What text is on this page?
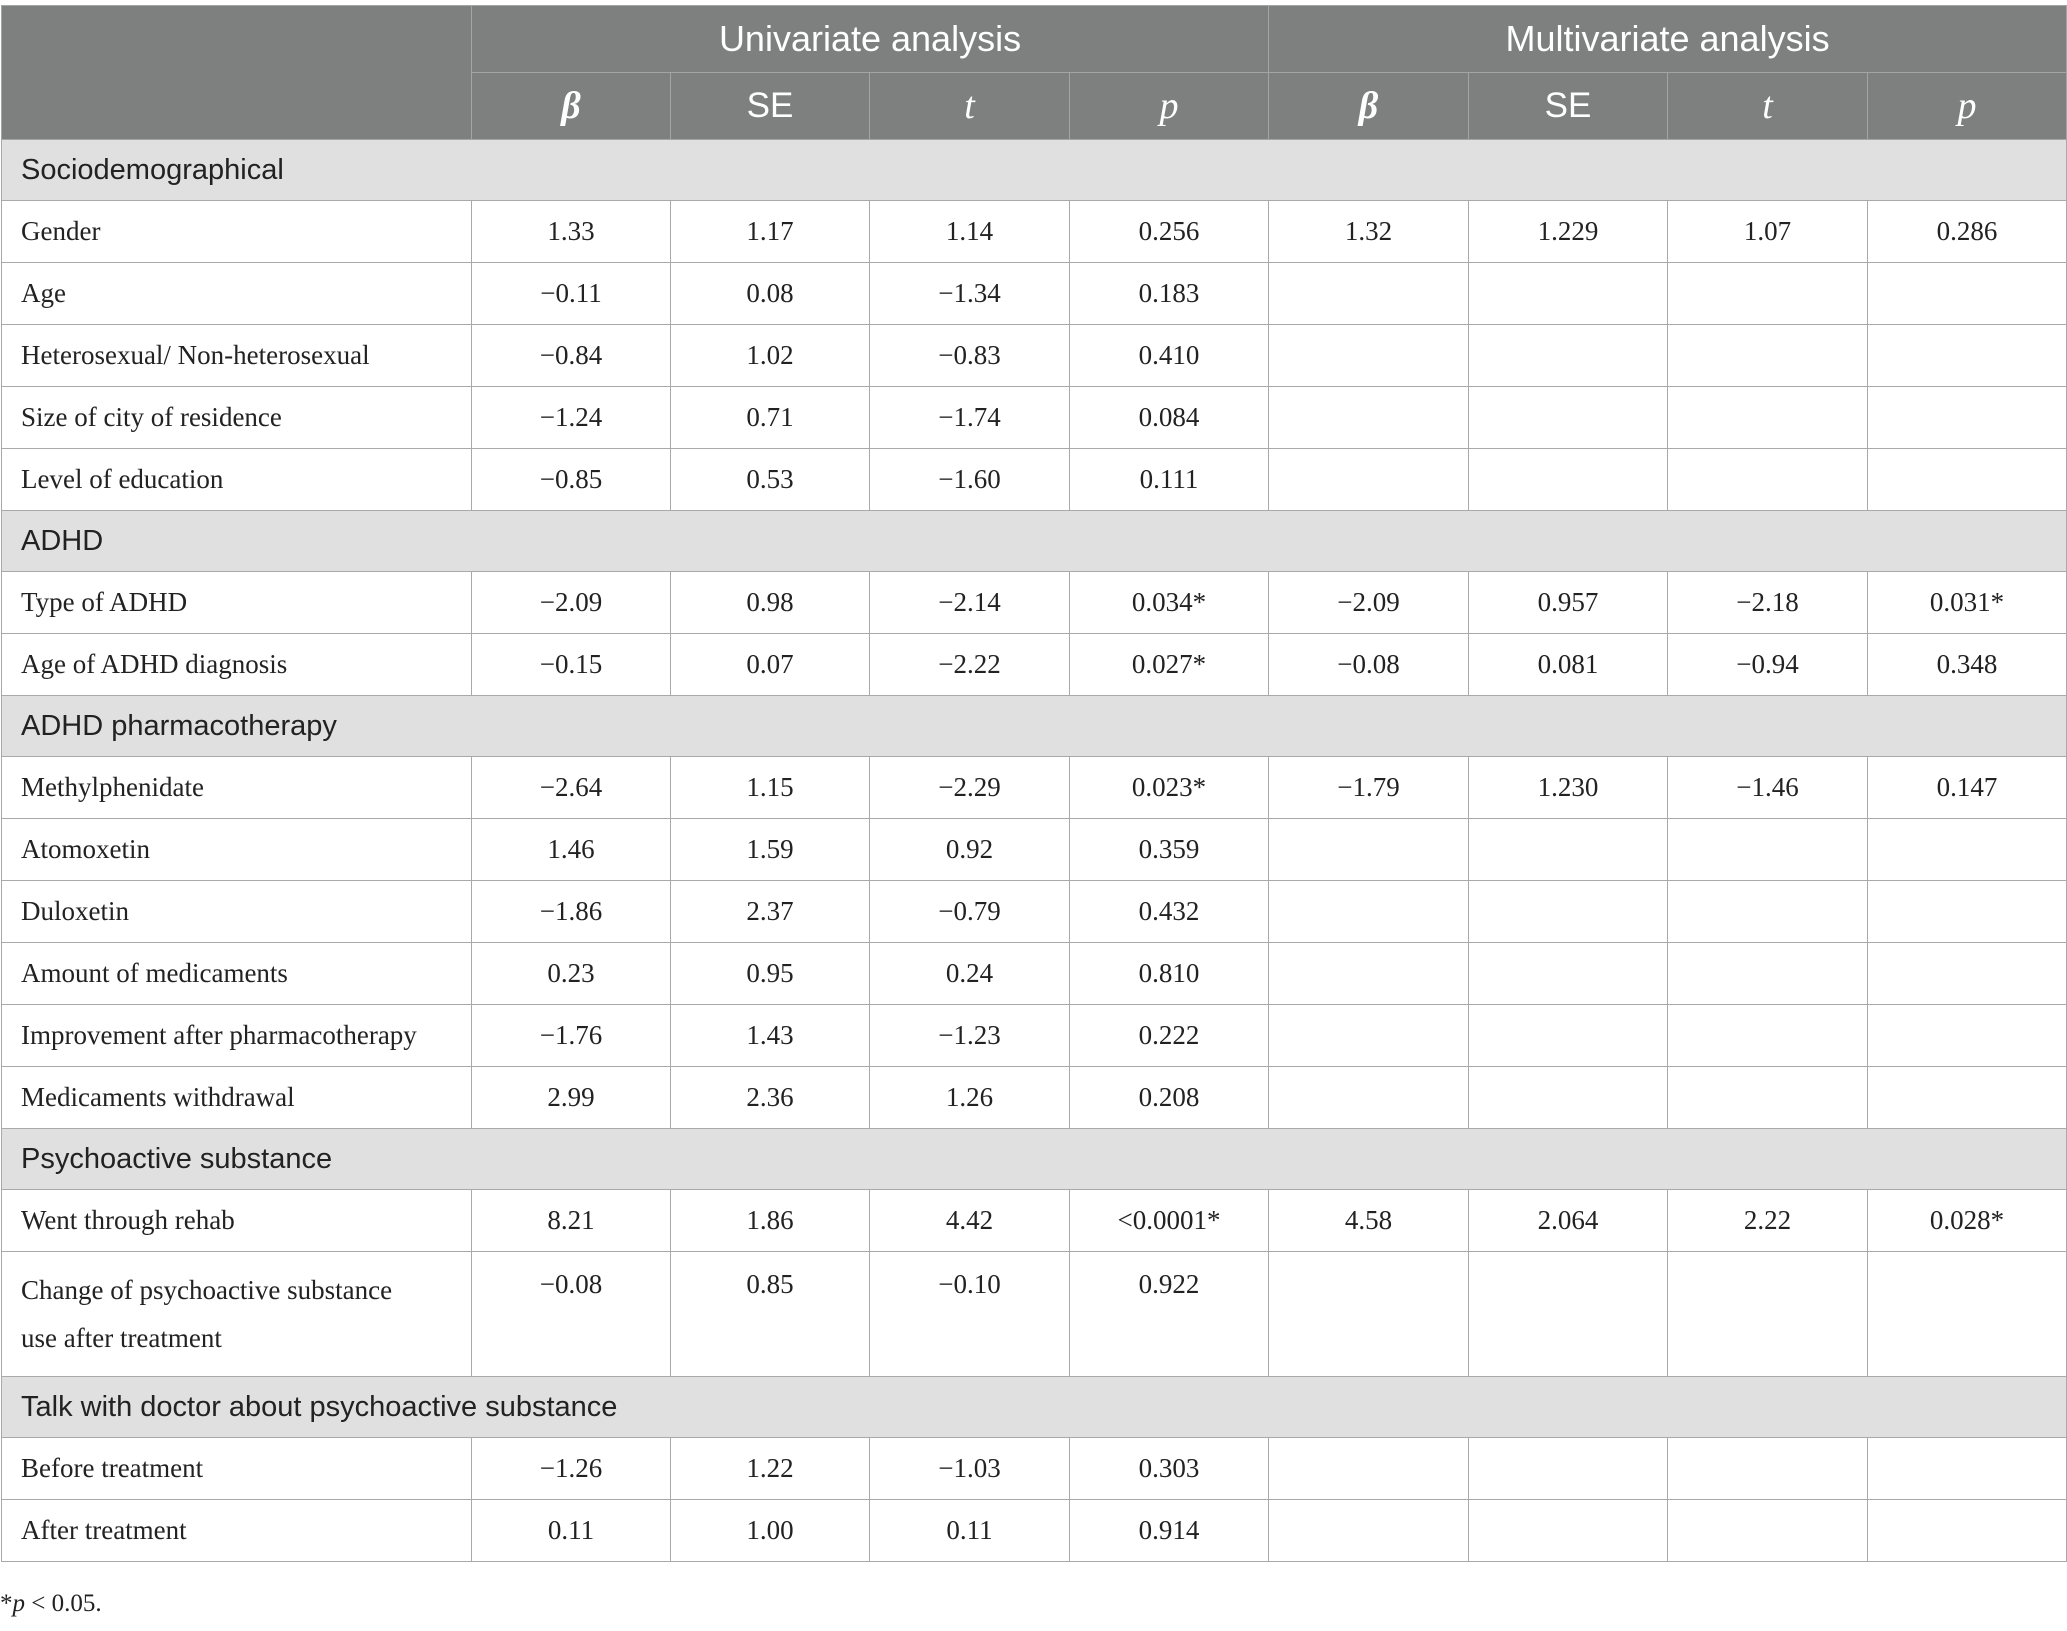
	Univariate analysis				Multivariate analysis			
	β	SE	t	p	β	SE	t	p
Sociodemographical								
Gender	1.33	1.17	1.14	0.256	1.32	1.229	1.07	0.286
Age	−0.11	0.08	−1.34	0.183				
Heterosexual/ Non-heterosexual	−0.84	1.02	−0.83	0.410				
Size of city of residence	−1.24	0.71	−1.74	0.084				
Level of education	−0.85	0.53	−1.60	0.111				
ADHD								
Type of ADHD	−2.09	0.98	−2.14	0.034*	−2.09	0.957	−2.18	0.031*
Age of ADHD diagnosis	−0.15	0.07	−2.22	0.027*	−0.08	0.081	−0.94	0.348
ADHD pharmacotherapy								
Methylphenidate	−2.64	1.15	−2.29	0.023*	−1.79	1.230	−1.46	0.147
Atomoxetin	1.46	1.59	0.92	0.359				
Duloxetin	−1.86	2.37	−0.79	0.432				
Amount of medicaments	0.23	0.95	0.24	0.810				
Improvement after pharmacotherapy	−1.76	1.43	−1.23	0.222				
Medicaments withdrawal	2.99	2.36	1.26	0.208				
Psychoactive substance								
Went through rehab	8.21	1.86	4.42	<0.0001*	4.58	2.064	2.22	0.028*
Change of psychoactive substance
use after treatment	−0.08	0.85	−0.10	0.922				
Talk with doctor about psychoactive substance								
Before treatment	−1.26	1.22	−1.03	0.303				
After treatment	0.11	1.00	0.11	0.914				
*p < 0.05.
